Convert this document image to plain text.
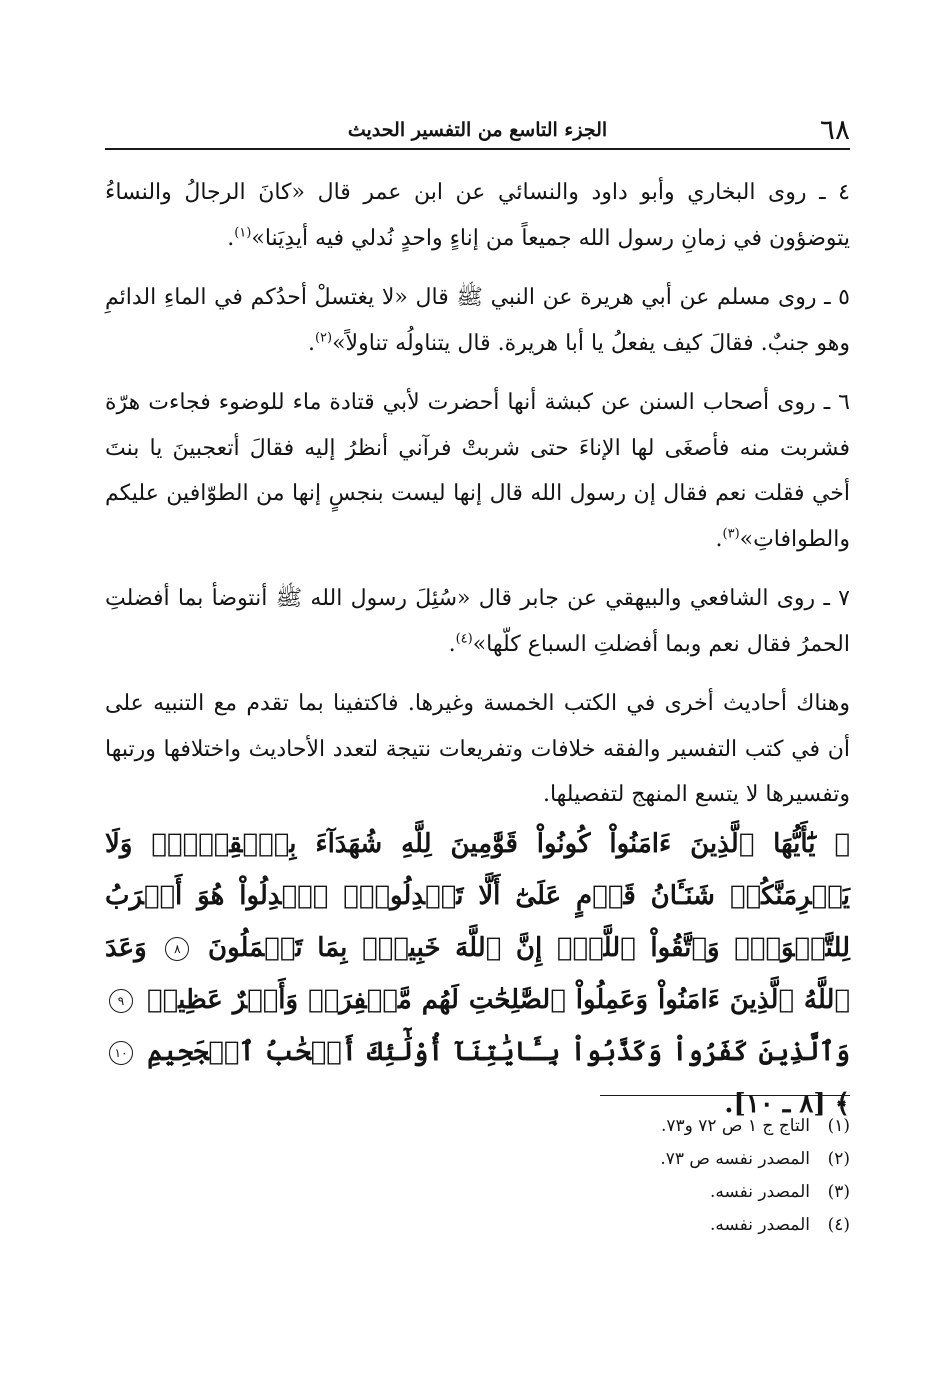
٦٨
الجزء التاسع من التفسير الحديث

٤ ـ روى البخاري وأبو داود والنسائي عن ابن عمر قال «كانَ الرجالُ والنساءُ يتوضؤون في زمانِ رسول الله جميعاً من إناءٍ واحدٍ نُدلي فيه أيدِيَنا»$^{(١)}$.

٥ ـ روى مسلم عن أبي هريرة عن النبي ﷺ قال «لا يغتسلْ أحدُكم في الماءِ الدائمِ وهو جنبٌ. فقالَ كيف يفعلُ يا أبا هريرة. قال يتناولُه تناولاً»$^{(٢)}$.

٦ ـ روى أصحاب السنن عن كبشة أنها أحضرت لأبي قتادة ماء للوضوء فجاءت هرّة فشربت منه فأصغَى لها الإناءَ حتى شربتْ فرآني أنظرُ إليه فقالَ أتعجبينَ يا بنتَ أخي فقلت نعم فقال إن رسول الله قال إنها ليست بنجسٍ إنها من الطوّافين عليكم والطوافاتِ»$^{(٣)}$.

٧ ـ روى الشافعي والبيهقي عن جابر قال «سُئِلَ رسول الله ﷺ أنتوضأ بما أفضلتِ الحمرُ فقال نعم وبما أفضلتِ السباع كلّها»$^{(٤)}$.

وهناك أحاديث أخرى في الكتب الخمسة وغيرها. فاكتفينا بما تقدم مع التنبيه على أن في كتب التفسير والفقه خلافات وتفريعات نتيجة لتعدد الأحاديث واختلافها ورتبها وتفسيرها لا يتسع المنهج لتفصيلها.

﴿ يَٰٓأَيُّهَا ٱلَّذِينَ ءَامَنُواْ كُونُواْ قَوَّٰمِينَ لِلَّهِ شُهَدَآءَ بِٱلۡقِسۡطِۖ وَلَا يَجۡرِمَنَّكُمۡ شَنَـَٔانُ قَوۡمٍ عَلَىٰٓ أَلَّا تَعۡدِلُواْۚ ٱعۡدِلُواْ هُوَ أَقۡرَبُ لِلتَّقۡوَىٰۖ وَٱتَّقُواْ ٱللَّهَۚ إِنَّ ٱللَّهَ خَبِيرُۢ بِمَا تَعۡمَلُونَ ٨ وَعَدَ ٱللَّهُ ٱلَّذِينَ ءَامَنُواْ وَعَمِلُواْ ٱلصَّٰلِحَٰتِ لَهُم مَّغۡفِرَةٞ وَأَجۡرٌ عَظِيمٞ ٩ وَٱلَّذِينَ كَفَرُواْ وَكَذَّبُواْ بِـَٔايَٰتِنَآ أُوْلَٰٓئِكَ أَصۡحَٰبُ ٱلۡجَحِيمِ ١٠ ﴾ [٨ ـ ١٠].
(١)التاج ج ١ ص ٧٢ و٧٣.
(٢)المصدر نفسه ص ٧٣.
(٣)المصدر نفسه.
(٤)المصدر نفسه.
